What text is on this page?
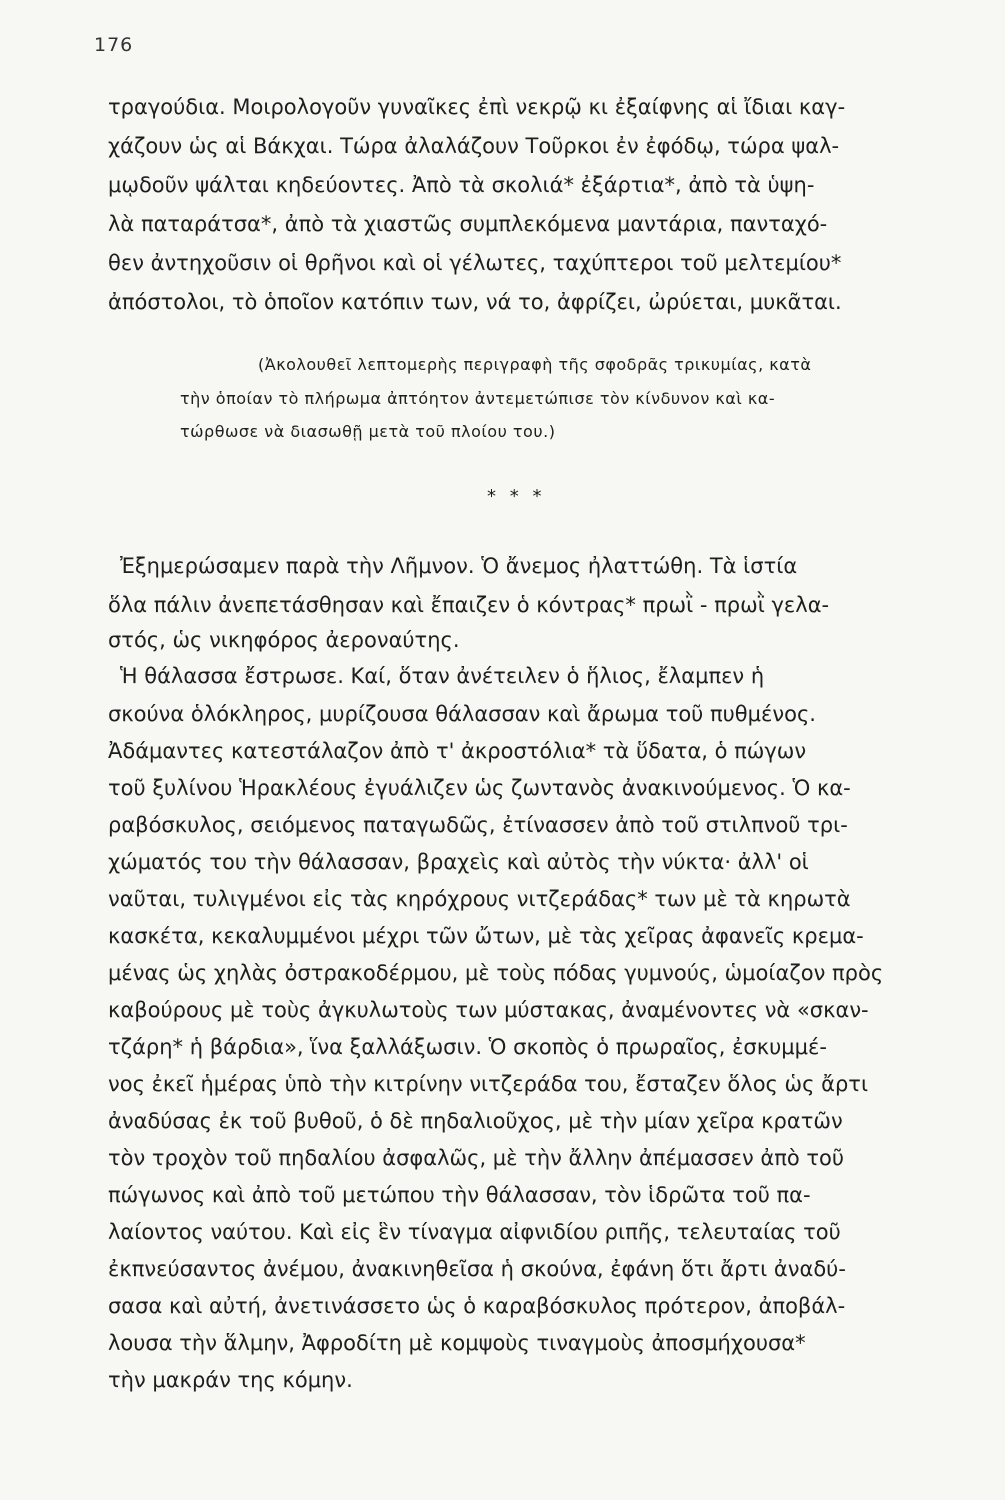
176
τραγούδια. Μοιρολογοῦν γυναῖκες ἐπὶ νεκρῷ κι ἐξαίφνης αἱ ἴδιαι καγ-
χάζουν ὡς αἱ Βάκχαι. Τώρα ἀλαλάζουν Τοῦρκοι ἐν ἐφόδῳ, τώρα ψαλ-
μῳδοῦν ψάλται κηδεύοντες. Ἀπὸ τὰ σκολιά* ἐξάρτια*, ἀπὸ τὰ ὑψη-
λὰ παταράτσα*, ἀπὸ τὰ χιαστῶς συμπλεκόμενα μαντάρια, πανταχό-
θεν ἀντηχοῦσιν οἱ θρῆνοι καὶ οἱ γέλωτες, ταχύπτεροι τοῦ μελτεμίου*
ἀπόστολοι, τὸ ὁποῖον κατόπιν των, νά το, ἀφρίζει, ὠρύεται, μυκᾶται.
(Ἀκολουθεῖ λεπτομερὴς περιγραφὴ τῆς σφοδρᾶς τρικυμίας, κατὰ
τὴν ὁποίαν τὸ πλήρωμα ἀπτόητον ἀντεμετώπισε τὸν κίνδυνον καὶ κα-
τώρθωσε νὰ διασωθῇ μετὰ τοῦ πλοίου του.)
* * *
Ἐξημερώσαμεν παρὰ τὴν Λῆμνον. Ὁ ἄνεμος ἠλαττώθη. Τὰ ἱστία
ὅλα πάλιν ἀνεπετάσθησαν καὶ ἔπαιζεν ὁ κόντρας* πρωῒ - πρωῒ γελα-
στός, ὡς νικηφόρος ἀεροναύτης.
Ἡ θάλασσα ἔστρωσε. Καί, ὅταν ἀνέτειλεν ὁ ἥλιος, ἔλαμπεν ἡ
σκούνα ὁλόκληρος, μυρίζουσα θάλασσαν καὶ ἄρωμα τοῦ πυθμένος.
Ἀδάμαντες κατεστάλαζον ἀπὸ τ' ἀκροστόλια* τὰ ὕδατα, ὁ πώγων
τοῦ ξυλίνου Ἡρακλέους ἐγυάλιζεν ὡς ζωντανὸς ἀνακινούμενος. Ὁ κα-
ραβόσκυλος, σειόμενος παταγωδῶς, ἐτίνασσεν ἀπὸ τοῦ στιλπνοῦ τρι-
χώματός του τὴν θάλασσαν, βραχεὶς καὶ αὐτὸς τὴν νύκτα· ἀλλ' οἱ
ναῦται, τυλιγμένοι εἰς τὰς κηρόχρους νιτζεράδας* των μὲ τὰ κηρωτὰ
κασκέτα, κεκαλυμμένοι μέχρι τῶν ὤτων, μὲ τὰς χεῖρας ἀφανεῖς κρεμα-
μένας ὡς χηλὰς ὀστρακοδέρμου, μὲ τοὺς πόδας γυμνούς, ὡμοίαζον πρὸς
καβούρους μὲ τοὺς ἀγκυλωτοὺς των μύστακας, ἀναμένοντες νὰ «σκαν-
τζάρη* ἡ βάρδια», ἵνα ξαλλάξωσιν. Ὁ σκοπὸς ὁ πρωραῖος, ἐσκυμμέ-
νος ἐκεῖ ἡμέρας ὑπὸ τὴν κιτρίνην νιτζεράδα του, ἔσταζεν ὅλος ὡς ἄρτι
ἀναδύσας ἐκ τοῦ βυθοῦ, ὁ δὲ πηδαλιοῦχος, μὲ τὴν μίαν χεῖρα κρατῶν
τὸν τροχὸν τοῦ πηδαλίου ἀσφαλῶς, μὲ τὴν ἄλλην ἀπέμασσεν ἀπὸ τοῦ
πώγωνος καὶ ἀπὸ τοῦ μετώπου τὴν θάλασσαν, τὸν ἱδρῶτα τοῦ πα-
λαίοντος ναύτου. Καὶ εἰς ἓν τίναγμα αἰφνιδίου ριπῆς, τελευταίας τοῦ
ἐκπνεύσαντος ἀνέμου, ἀνακινηθεῖσα ἡ σκούνα, ἐφάνη ὅτι ἄρτι ἀναδύ-
σασα καὶ αὐτή, ἀνετινάσσετο ὡς ὁ καραβόσκυλος πρότερον, ἀποβάλ-
λουσα τὴν ἅλμην, Ἀφροδίτη μὲ κομψοὺς τιναγμοὺς ἀποσμήχουσα*
τὴν μακράν της κόμην.
